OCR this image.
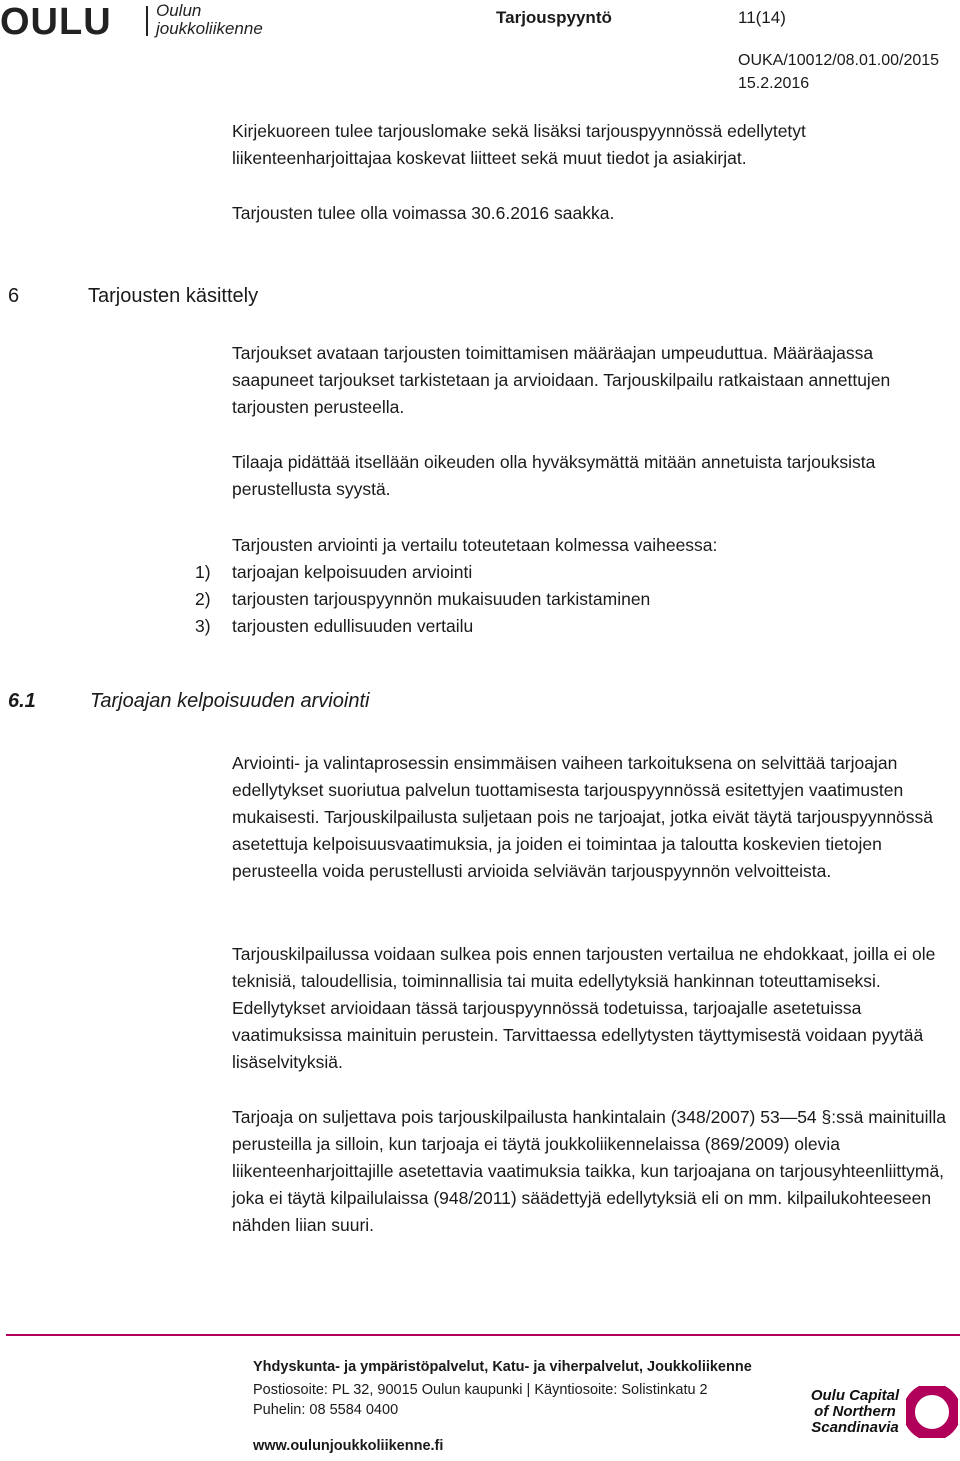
OULU	Oulun
joukkoliikenne
Tarjouspyyntö	11(14)
OUKA/10012/08.01.00/2015
15.2.2016

Kirjekuoreen tulee tarjouslomake sekä lisäksi tarjouspyynnössä edellytetyt liikenteenharjoittajaa koskevat liitteet sekä muut tiedot ja asiakirjat.

Tarjousten tulee olla voimassa 30.6.2016 saakka.

6	Tarjousten käsittely

Tarjoukset avataan tarjousten toimittamisen määräajan umpeuduttua. Määräajassa saapuneet tarjoukset tarkistetaan ja arvioidaan. Tarjouskilpailu ratkaistaan annettujen tarjousten perusteella.

Tilaaja pidättää itsellään oikeuden olla hyväksymättä mitään annetuista tarjouksista perustellusta syystä.

Tarjousten arviointi ja vertailu toteutetaan kolmessa vaiheessa:

1) tarjoajan kelpoisuuden arviointi
2) tarjousten tarjouspyynnön mukaisuuden tarkistaminen
3) tarjousten edullisuuden vertailu
6.1	Tarjoajan kelpoisuuden arviointi

Arviointi- ja valintaprosessin ensimmäisen vaiheen tarkoituksena on selvittää tarjoajan edellytykset suoriutua palvelun tuottamisesta tarjouspyynnössä esitettyjen vaatimusten mukaisesti. Tarjouskilpailusta suljetaan pois ne tarjoajat, jotka eivät täytä tarjouspyynnössä asetettuja kelpoisuusvaatimuksia, ja joiden ei toimintaa ja taloutta koskevien tietojen perusteella voida perustellusti arvioida selviävän tarjouspyynnön velvoitteista.

Tarjouskilpailussa voidaan sulkea pois ennen tarjousten vertailua ne ehdokkaat, joilla ei ole teknisiä, taloudellisia, toiminnallisia tai muita edellytyksiä hankinnan toteuttamiseksi. Edellytykset arvioidaan tässä tarjouspyynnössä todetuissa, tarjoajalle asetetuissa vaatimuksissa mainituin perustein. Tarvittaessa edellytysten täyttymisestä voidaan pyytää lisäselvityksiä.

Tarjoaja on suljettava pois tarjouskilpailusta hankintalain (348/2007) 53—54 §:ssä mainituilla perusteilla ja silloin, kun tarjoaja ei täytä joukkoliikennelaissa (869/2009) olevia liikenteenharjoittajille asetettavia vaatimuksia taikka, kun tarjoajana on tarjousyhteenliittymä, joka ei täytä kilpailulaissa (948/2011) säädettyjä edellytyksiä eli on mm. kilpailukohteeseen nähden liian suuri.

Yhdyskunta- ja ympäristöpalvelut, Katu- ja viherpalvelut, Joukkoliikenne
Postiosoite: PL 32, 90015 Oulun kaupunki | Käyntiosoite: Solistinkatu 2
Puhelin: 08 5584 0400
www.oulunjoukkoliikenne.fi
Oulu Capital
of Northern
Scandinavia
